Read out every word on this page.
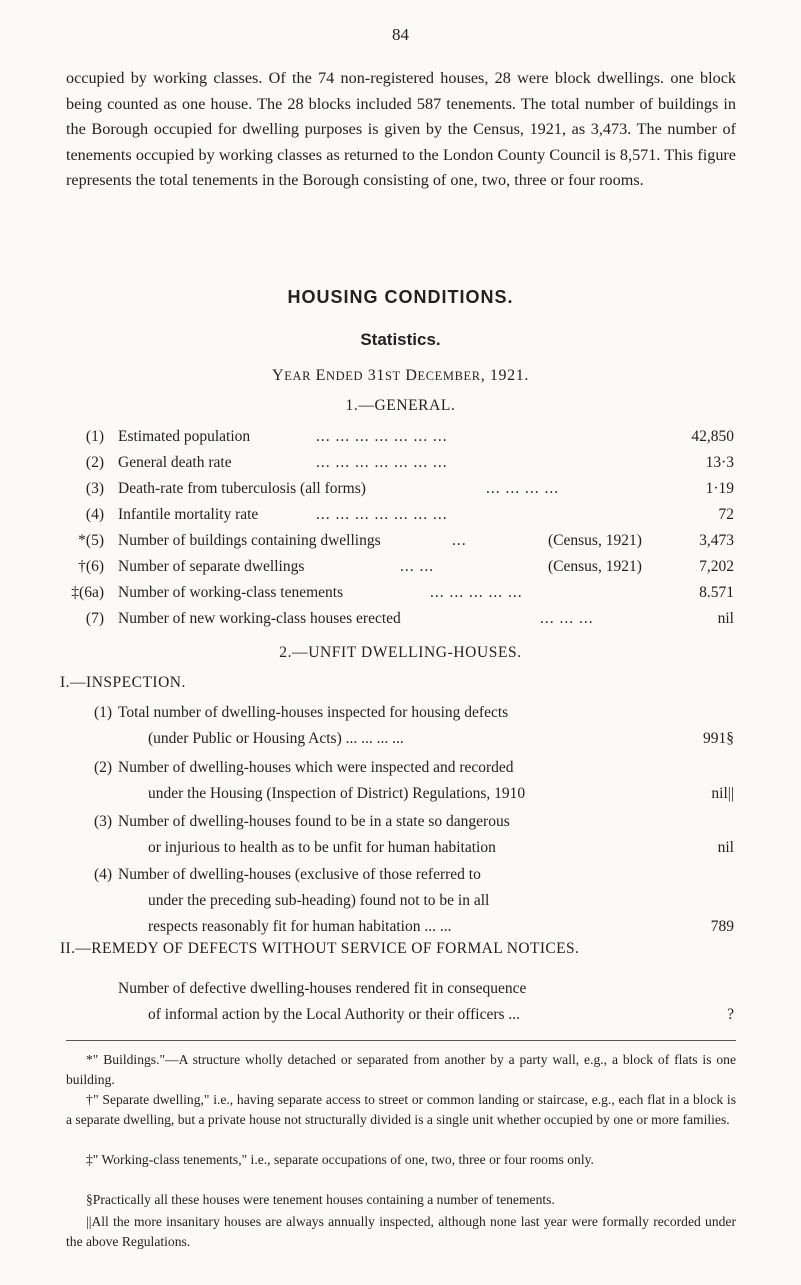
84

occupied by working classes. Of the 74 non-registered houses, 28 were block dwellings. one block being counted as one house. The 28 blocks included 587 tenements. The total number of buildings in the Borough occupied for dwelling purposes is given by the Census, 1921, as 3,473. The number of tenements occupied by working classes as returned to the London County Council is 8,571. This figure represents the total tenements in the Borough consisting of one, two, three or four rooms.

HOUSING CONDITIONS.
Statistics.
YEAR ENDED 31ST DECEMBER, 1921.
1.—GENERAL.
(1) Estimated population	... ... ... ... ... ... ...	42,850
(2) General death rate	... ... ... ... ... ... ...	13·3
(3) Death-rate from tuberculosis (all forms)	... ... ... ...	1·19
(4) Infantile mortality rate	... ... ... ... ... ... ...	72
*(5) Number of buildings containing dwellings	...	(Census, 1921)	3,473
†(6) Number of separate dwellings	... ...	(Census, 1921)	7,202
‡(6a) Number of working-class tenements	... ... ... ... ...	8.571
(7) Number of new working-class houses erected	... ... ...	nil
2.—UNFIT DWELLING-HOUSES.
I.—INSPECTION.
(1) Total number of dwelling-houses inspected for housing defects
(under Public or Housing Acts) ... ... ... ...	991§
(2) Number of dwelling-houses which were inspected and recorded
under the Housing (Inspection of District) Regulations, 1910	nil||
(3) Number of dwelling-houses found to be in a state so dangerous
or injurious to health as to be unfit for human habitation	nil
(4) Number of dwelling-houses (exclusive of those referred to
under the preceding sub-heading) found not to be in all
respects reasonably fit for human habitation ... ...	789
II.—REMEDY OF DEFECTS WITHOUT SERVICE OF FORMAL NOTICES.
Number of defective dwelling-houses rendered fit in consequence
of informal action by the Local Authority or their officers ...	?

*" Buildings."—A structure wholly detached or separated from another by a party wall, e.g., a block of flats is one building.

†" Separate dwelling," i.e., having separate access to street or common landing or staircase, e.g., each flat in a block is a separate dwelling, but a private house not structurally divided is a single unit whether occupied by one or more families.

‡" Working-class tenements," i.e., separate occupations of one, two, three or four rooms only.

§Practically all these houses were tenement houses containing a number of tenements.

||All the more insanitary houses are always annually inspected, although none last year were formally recorded under the above Regulations.
